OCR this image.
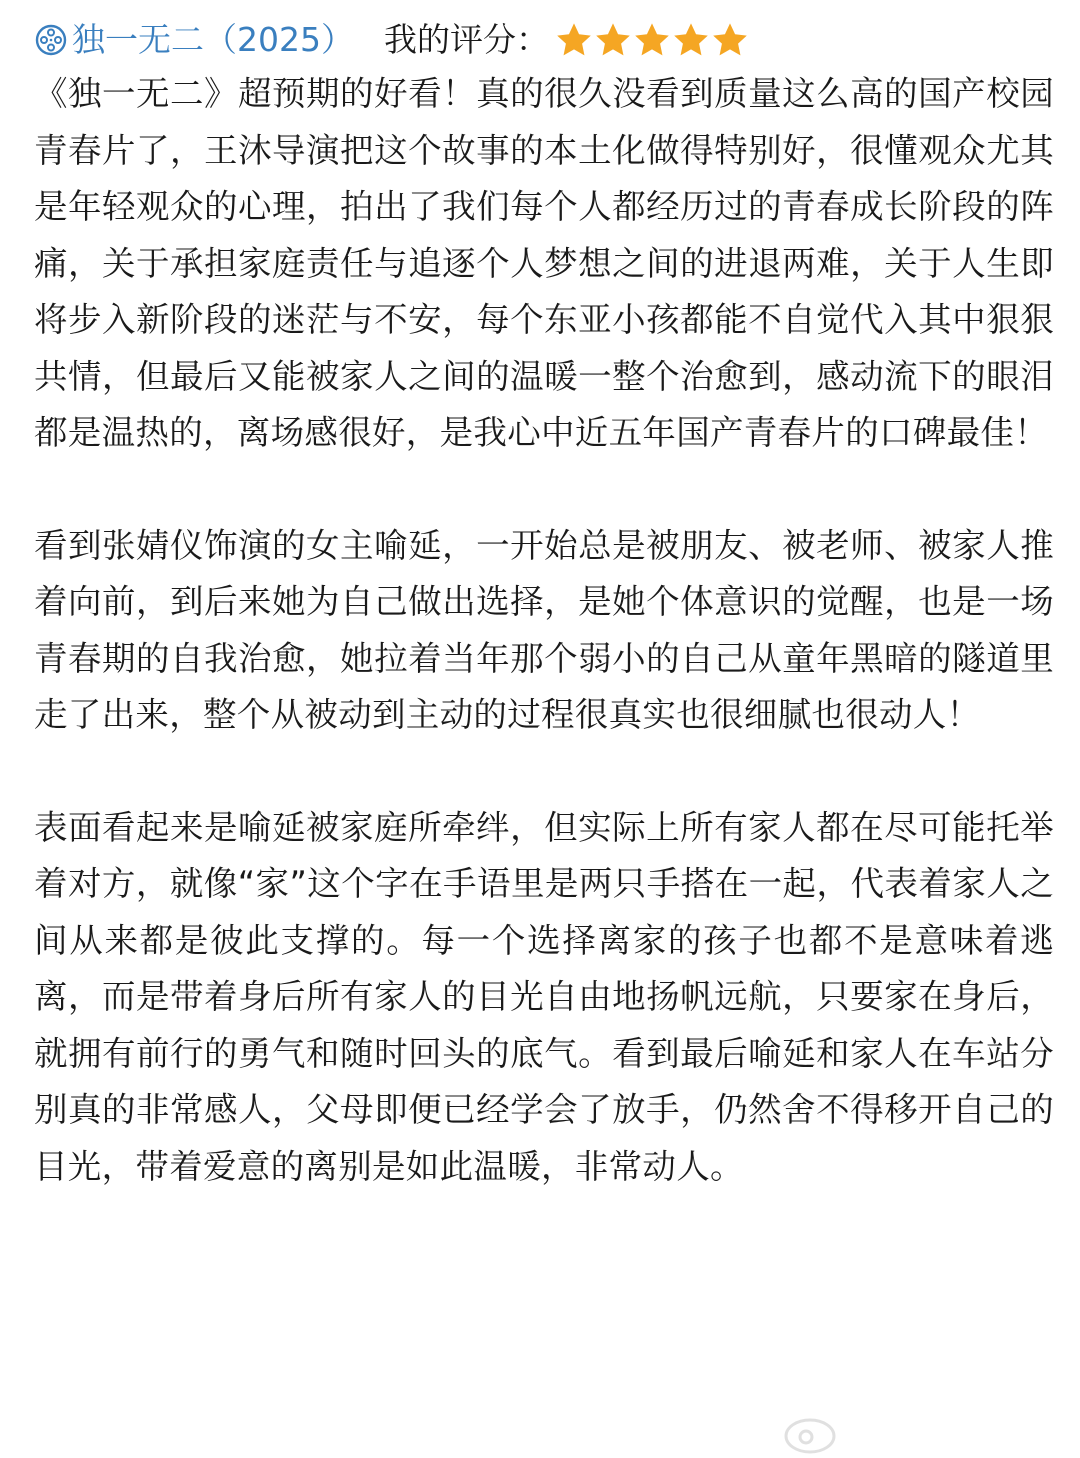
独一无二（2025） 我的评分：

《独一无二》超预期的好看！真的很久没看到质量这么高的国产校园青春片了，王沐导演把这个故事的本土化做得特别好，很懂观众尤其是年轻观众的心理，拍出了我们每个人都经历过的青春成长阶段的阵痛，关于承担家庭责任与追逐个人梦想之间的进退两难，关于人生即将步入新阶段的迷茫与不安，每个东亚小孩都能不自觉代入其中狠狠共情，但最后又能被家人之间的温暖一整个治愈到，感动流下的眼泪都是温热的，离场感很好，是我心中近五年国产青春片的口碑最佳！

看到张婧仪饰演的女主喻延，一开始总是被朋友、被老师、被家人推着向前，到后来她为自己做出选择，是她个体意识的觉醒，也是一场青春期的自我治愈，她拉着当年那个弱小的自己从童年黑暗的隧道里走了出来，整个从被动到主动的过程很真实也很细腻也很动人！

表面看起来是喻延被家庭所牵绊，但实际上所有家人都在尽可能托举着对方，就像“家”这个字在手语里是两只手搭在一起，代表着家人之间从来都是彼此支撑的。每一个选择离家的孩子也都不是意味着逃离，而是带着身后所有家人的目光自由地扬帆远航，只要家在身后，就拥有前行的勇气和随时回头的底气。看到最后喻延和家人在车站分别真的非常感人，父母即便已经学会了放手，仍然舍不得移开自己的目光，带着爱意的离别是如此温暖，非常动人。
